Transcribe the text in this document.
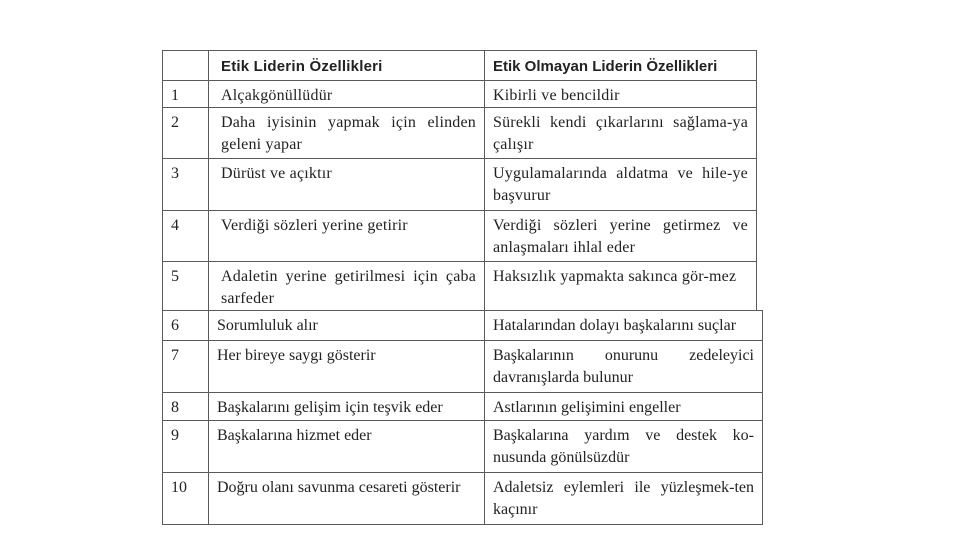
	Etik Liderin Özellikleri	Etik Olmayan Liderin Özellikleri
1	Alçakgönüllüdür	Kibirli ve bencildir
2	Daha iyisinin yapmak için elinden geleni yapar	Sürekli kendi çıkarlarını sağlama-ya çalışır
3	Dürüst ve açıktır	Uygulamalarında aldatma ve hile-ye başvurur
4	Verdiği sözleri yerine getirir	Verdiği sözleri yerine getirmez ve anlaşmaları ihlal eder
5	Adaletin yerine getirilmesi için çaba sarfeder	Haksızlık yapmakta sakınca gör-mez
6	Sorumluluk alır	Hatalarından dolayı başkalarını suçlar
7	Her bireye saygı gösterir	Başkalarının onurunu zedeleyici davranışlarda bulunur
8	Başkalarını gelişim için teşvik eder	Astlarının gelişimini engeller
9	Başkalarına hizmet eder	Başkalarına yardım ve destek ko-nusunda gönülsüzdür
10	Doğru olanı savunma cesareti gösterir	Adaletsiz eylemleri ile yüzleşmek-ten kaçınır
